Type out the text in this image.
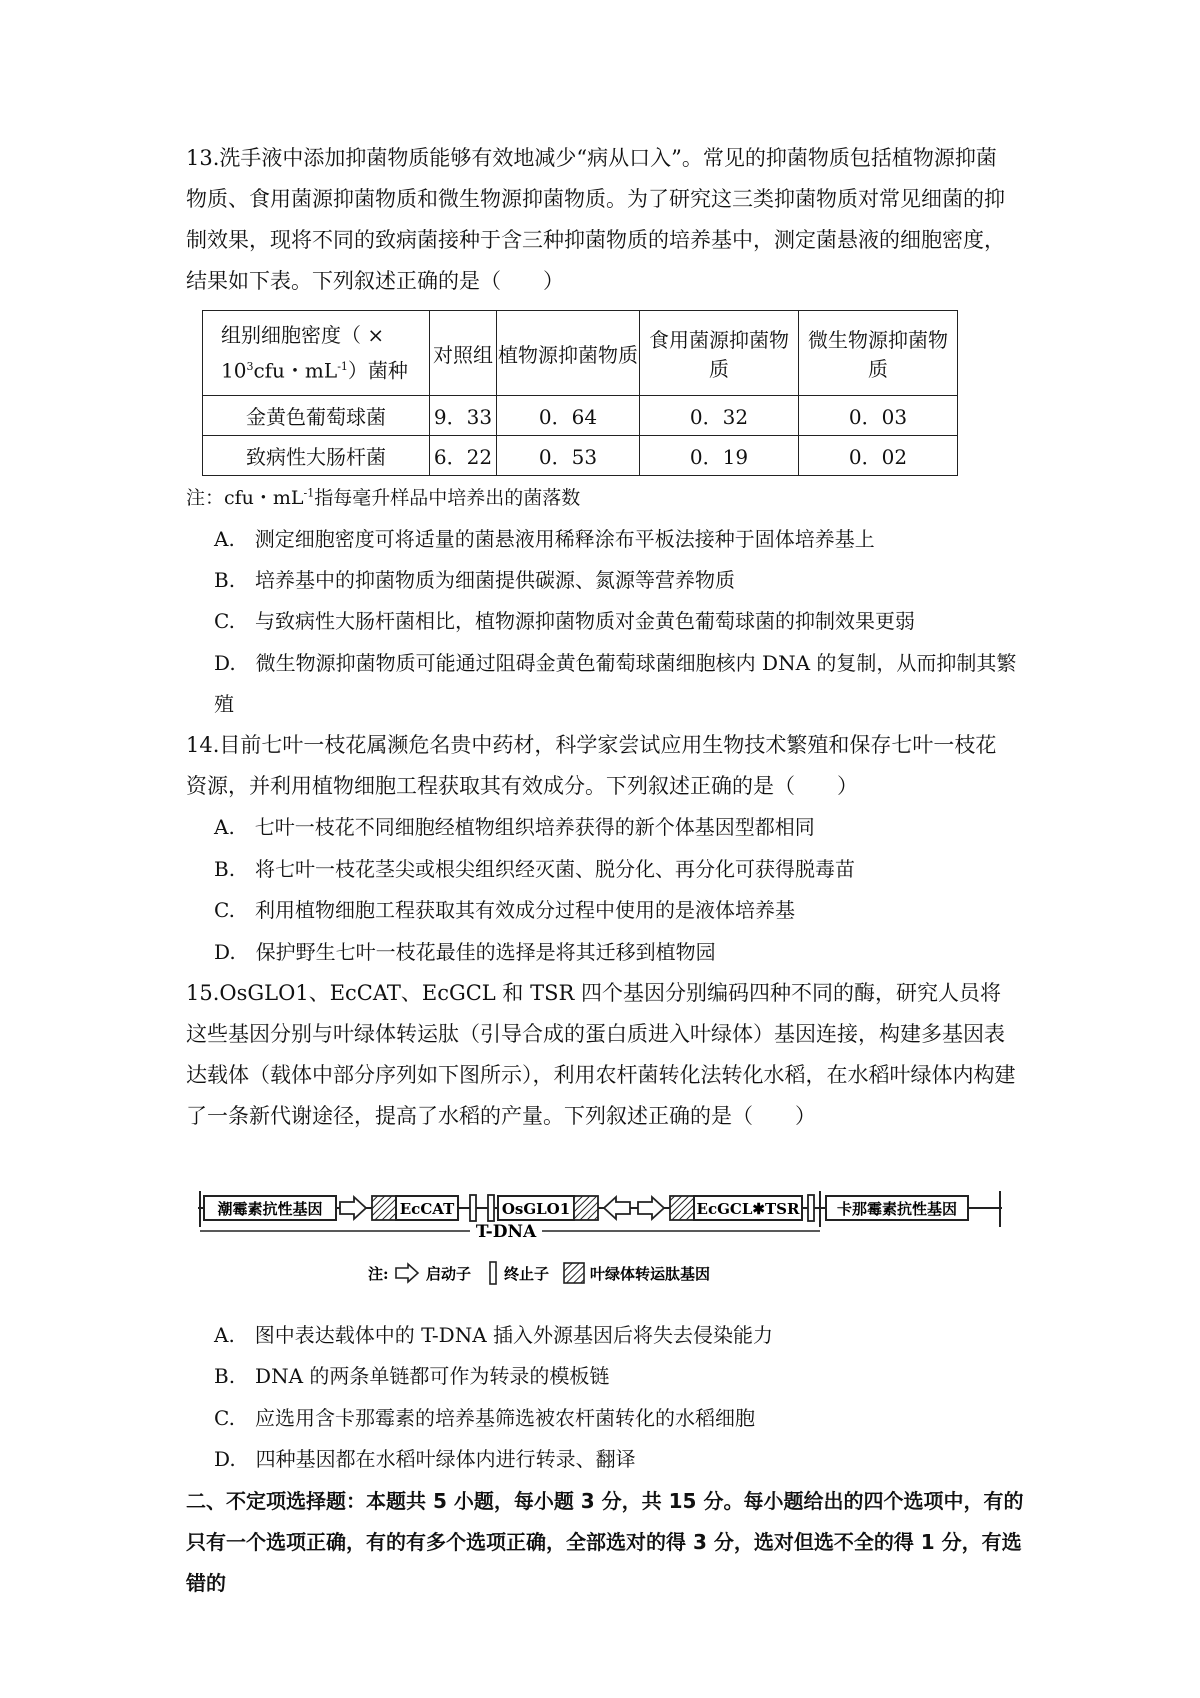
13.洗手液中添加抑菌物质能够有效地减少“病从口入”。常见的抑菌物质包括植物源抑菌物质、食用菌源抑菌物质和微生物源抑菌物质。为了研究这三类抑菌物质对常见细菌的抑制效果，现将不同的致病菌接种于含三种抑菌物质的培养基中，测定菌悬液的细胞密度，结果如下表。下列叙述正确的是（　　）
组别细胞密度（ ×
$10^3cfu$・$mL^{-1}$）菌种	对照组	植物源抑菌物质	食用菌源抑菌物质	微生物源抑菌物质
金黄色葡萄球菌	9．33	0．64	0．32	0．03
致病性大肠杆菌	6．22	0．53	0．19	0．02
注：cfu・$mL^{-1}$指每毫升样品中培养出的菌落数
A.　测定细胞密度可将适量的菌悬液用稀释涂布平板法接种于固体培养基上
B.　培养基中的抑菌物质为细菌提供碳源、氮源等营养物质
C.　与致病性大肠杆菌相比，植物源抑菌物质对金黄色葡萄球菌的抑制效果更弱
D.　微生物源抑菌物质可能通过阻碍金黄色葡萄球菌细胞核内 DNA 的复制，从而抑制其繁
殖
14.目前七叶一枝花属濒危名贵中药材，科学家尝试应用生物技术繁殖和保存七叶一枝花资源，并利用植物细胞工程获取其有效成分。下列叙述正确的是（　　）
A.　七叶一枝花不同细胞经植物组织培养获得的新个体基因型都相同
B.　将七叶一枝花茎尖或根尖组织经灭菌、脱分化、再分化可获得脱毒苗
C.　利用植物细胞工程获取其有效成分过程中使用的是液体培养基
D.　保护野生七叶一枝花最佳的选择是将其迁移到植物园
15.OsGLO1、EcCAT、EcGCL 和 TSR 四个基因分别编码四种不同的酶，研究人员将这些基因分别与叶绿体转运肽（引导合成的蛋白质进入叶绿体）基因连接，构建多基因表达载体（载体中部分序列如下图所示），利用农杆菌转化法转化水稻，在水稻叶绿体内构建了一条新代谢途径，提高了水稻的产量。下列叙述正确的是（　　）
潮霉素抗性基因	EcCAT	OsGLO1	EcGCL✱TSR	卡那霉素抗性基因
T-DNA
注: 启动子 终止子	叶绿体转运肽基因
A.　图中表达载体中的 T-DNA 插入外源基因后将失去侵染能力
B.　DNA 的两条单链都可作为转录的模板链
C.　应选用含卡那霉素的培养基筛选被农杆菌转化的水稻细胞
D.　四种基因都在水稻叶绿体内进行转录、翻译
二、不定项选择题：本题共 5 小题，每小题 3 分，共 15 分。每小题给出的四个选项中，有的只有一个选项正确，有的有多个选项正确，全部选对的得 3 分，选对但选不全的得 1 分，有选错的
